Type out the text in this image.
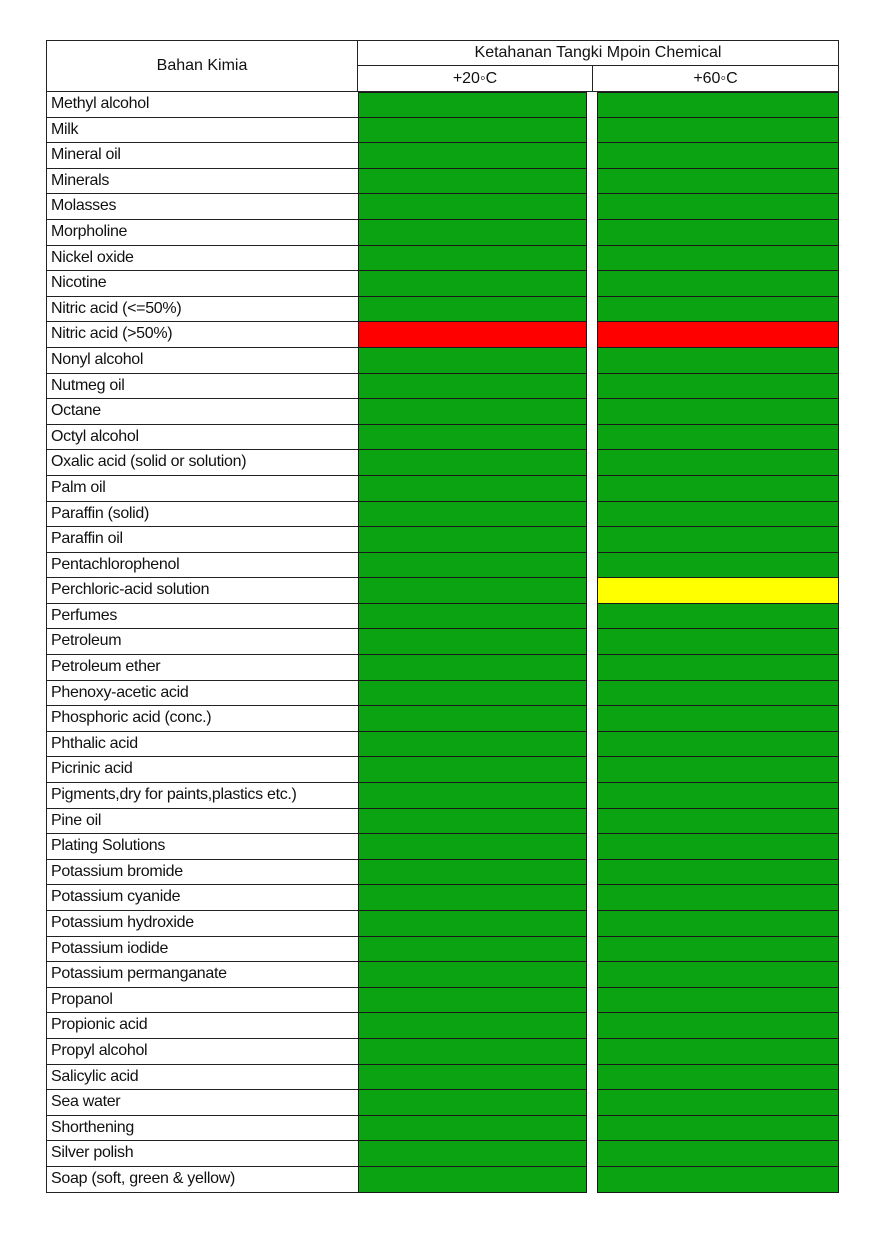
Bahan Kimia
Ketahanan Tangki Mpoin Chemical
+20◦C	+60◦C
Methyl alcohol
Milk
Mineral oil
Minerals
Molasses
Morpholine
Nickel oxide
Nicotine
Nitric acid (<=50%)
Nitric acid (>50%)
Nonyl alcohol
Nutmeg oil
Octane
Octyl alcohol
Oxalic acid (solid or solution)
Palm oil
Paraffin (solid)
Paraffin oil
Pentachlorophenol
Perchloric-acid solution
Perfumes
Petroleum
Petroleum ether
Phenoxy-acetic acid
Phosphoric acid (conc.)
Phthalic acid
Picrinic acid
Pigments,dry for paints,plastics etc.)
Pine oil
Plating Solutions
Potassium bromide
Potassium cyanide
Potassium hydroxide
Potassium iodide
Potassium permanganate
Propanol
Propionic acid
Propyl alcohol
Salicylic acid
Sea water
Shorthening
Silver polish
Soap (soft, green & yellow)
